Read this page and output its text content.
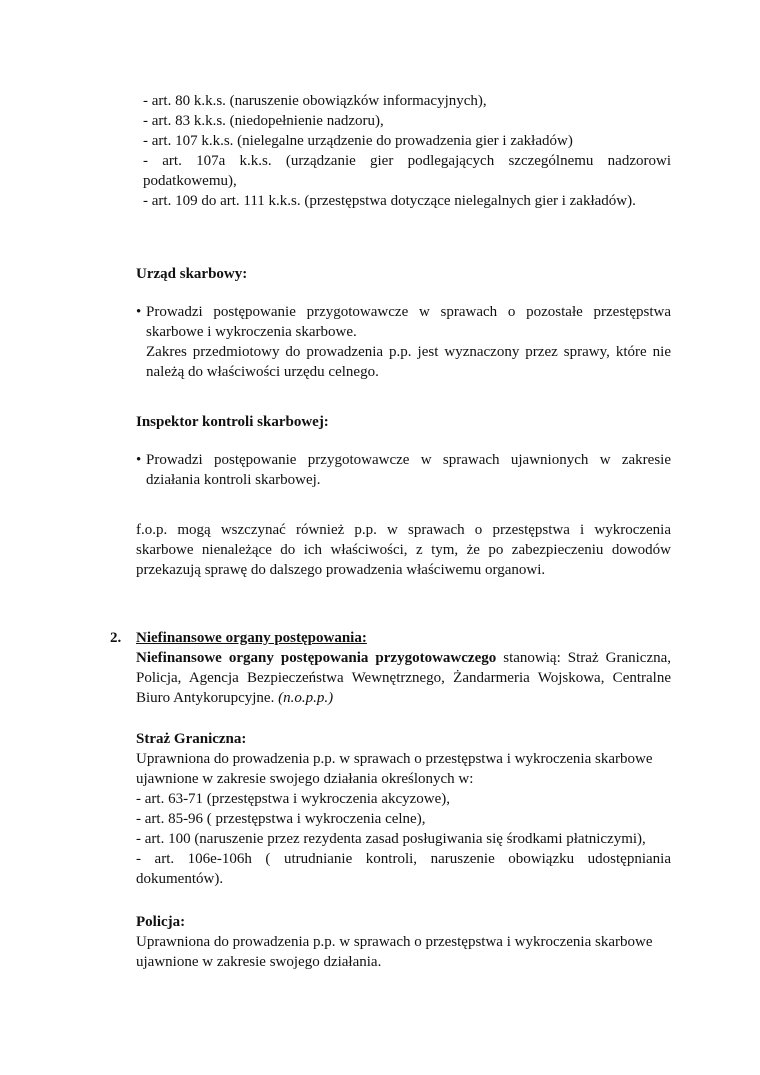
- art. 80 k.k.s. (naruszenie obowiązków informacyjnych),
- art. 83 k.k.s. (niedopełnienie nadzoru),
- art. 107 k.k.s. (nielegalne urządzenie do prowadzenia gier i zakładów)
- art. 107a k.k.s. (urządzanie gier podlegających szczególnemu nadzorowi
podatkowemu),
- art. 109 do art. 111 k.k.s. (przestępstwa dotyczące nielegalnych gier i zakładów).
Urząd skarbowy:
• Prowadzi postępowanie przygotowawcze w sprawach o pozostałe przestępstwa
skarbowe i wykroczenia skarbowe.
Zakres przedmiotowy do prowadzenia p.p. jest wyznaczony przez sprawy, które nie
należą do właściwości urzędu celnego.
Inspektor kontroli skarbowej:
• Prowadzi postępowanie przygotowawcze w sprawach ujawnionych w zakresie
działania kontroli skarbowej.
f.o.p. mogą wszczynać również p.p. w sprawach o przestępstwa i wykroczenia
skarbowe nienależące do ich właściwości, z tym, że po zabezpieczeniu dowodów
przekazują sprawę do dalszego prowadzenia właściwemu organowi.
2. Niefinansowe organy postępowania:
Niefinansowe organy postępowania przygotowawczego stanowią: Straż Graniczna,
Policja, Agencja Bezpieczeństwa Wewnętrznego, Żandarmeria Wojskowa, Centralne
Biuro Antykorupcyjne. (n.o.p.p.)
Straż Graniczna:
Uprawniona do prowadzenia p.p. w sprawach o przestępstwa i wykroczenia skarbowe
ujawnione w zakresie swojego działania określonych w:
- art. 63-71 (przestępstwa i wykroczenia akcyzowe),
- art. 85-96 ( przestępstwa i wykroczenia celne),
- art. 100 (naruszenie przez rezydenta zasad posługiwania się środkami płatniczymi),
- art. 106e-106h ( utrudnianie kontroli, naruszenie obowiązku udostępniania
dokumentów).
Policja:
Uprawniona do prowadzenia p.p. w sprawach o przestępstwa i wykroczenia skarbowe
ujawnione w zakresie swojego działania.
